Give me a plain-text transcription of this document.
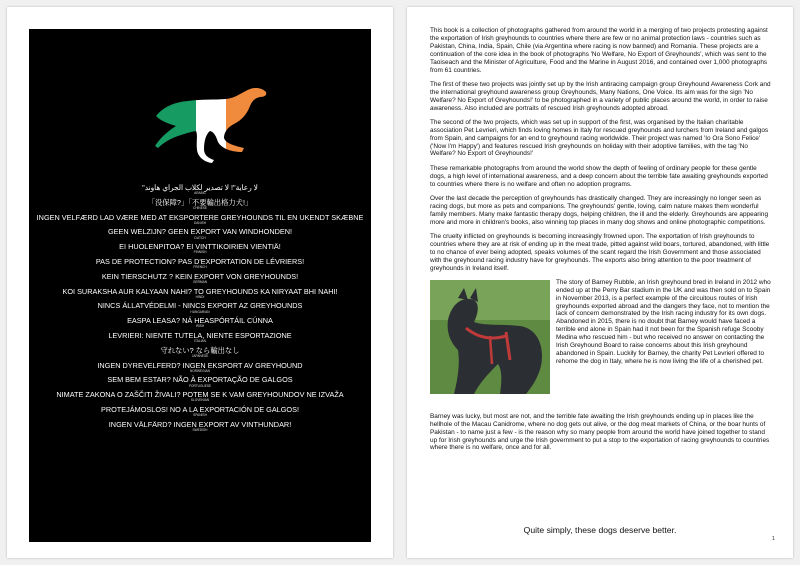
"لا رعاية"! لا تصدير لكلاب الجراي هاوند
ARABIC
「没保障?」「不要輸出格力犬!」
CHINESE
INGEN VELFÆRD LAD VÆRE MED AT EKSPORTERE GREYHOUNDS TIL EN UKENDT SKÆBNE
DANISH
GEEN WELZIJN? GEEN EXPORT VAN WINDHONDEN!
DUTCH
EI HUOLENPITOA? EI VINTTIKOIRIEN VIENTIÄ!
FINNISH
PAS DE PROTECTION? PAS D'EXPORTATION DE LÉVRIERS!
FRENCH
KEIN TIERSCHUTZ ? KEIN EXPORT VON GREYHOUNDS!
GERMAN
KOI SURAKSHA AUR KALYAAN NAHI? TO GREYHOUNDS KA NIRYAAT BHI NAHI!
HINDI
NINCS ÁLLATVÉDELMI - NINCS EXPORT AZ GREYHOUNDS
HUNGARIAN
EASPA LEASA? NÁ HEASPÓRTÁIL CÚNNA
IRISH
LEVRIERI: NIENTE TUTELA, NIENTE ESPORTAZIONE
ITALIAN
守れない? なら輸出なし
JAPANESE
INGEN DYREVELFERD? INGEN EKSPORT AV GREYHOUND
NORWEGIAN
SEM BEM ESTAR? NÃO À EXPORTAÇÃO DE GALGOS
PORTUGUESE
NIMATE ZAKONA O ZAŠČITI ŽIVALI? POTEM SE K VAM GREYHOUNDOV NE IZVAŽA
SLOVENIAN
PROTEJÁMOSLOS! NO A LA EXPORTACIÓN DE GALGOS!
SPANISH
INGEN VÄLFÄRD? INGEN EXPORT AV VINTHUNDAR!
SWEDISH

This book is a collection of photographs gathered from around the world in a merging of two projects protesting against the exportation of Irish greyhounds to countries where there are few or no animal protection laws - countries such as Pakistan, China, India, Spain, Chile (via Argentina where racing is now banned) and Romania. These projects are a continuation of the core idea in the book of photographs 'No Welfare, No Export of Greyhounds', which was sent to the Taoiseach and the Minister of Agriculture, Food and the Marine in August 2016, and contained over 1,000 photographs from 61 countries.

The first of these two projects was jointly set up by the Irish antiracing campaign group Greyhound Awareness Cork and the international greyhound awareness group Greyhounds, Many Nations, One Voice. Its aim was for the sign 'No Welfare? No Export of Greyhounds!' to be photographed in a variety of public places around the world, in order to raise awareness. Also included are portraits of rescued Irish greyhounds adopted abroad.

The second of the two projects, which was set up in support of the first, was organised by the Italian charitable association Pet Levrieri, which finds loving homes in Italy for rescued greyhounds and lurchers from Ireland and galgos from Spain, and campaigns for an end to greyhound racing worldwide. Their project was named 'Io Ora Sono Felice' ('Now I'm Happy') and features rescued Irish greyhounds on holiday with their adoptive families, with the tag 'No Welfare? No Export of Greyhounds!'

These remarkable photographs from around the world show the depth of feeling of ordinary people for these gentle dogs, a high level of international awareness, and a deep concern about the terrible fate awaiting greyhounds exported to countries where there is no welfare and often no adoption programs.

Over the last decade the perception of greyhounds has drastically changed. They are increasingly no longer seen as racing dogs, but more as pets and companions. The greyhounds' gentle, loving, calm nature makes them wonderful family members. Many make fantastic therapy dogs, helping children, the ill and the elderly. Greyhounds are appearing more and more in children's books, also winning top places in many dog shows and online photographic competitions.

The cruelty inflicted on greyhounds is becoming increasingly frowned upon. The exportation of Irish greyhounds to countries where they are at risk of ending up in the meat trade, pitted against wild boars, tortured, abandoned, with little to no chance of ever being adopted, speaks volumes of the scant regard the Irish Government and those associated with the greyhound racing industry have for greyhounds. The exports also bring attention to the poor treatment of greyhounds in Ireland itself.

The story of Barney Rubble, an Irish greyhound bred in Ireland in 2012 who ended up at the Perry Bar stadium in the UK and was then sold on to Spain in November 2013, is a perfect example of the circuitous routes of Irish greyhounds exported abroad and the dangers they face, not to mention the lack of concern demonstrated by the Irish racing industry for its own dogs. Abandoned in 2015, there is no doubt that Barney would have faced a terrible end alone in Spain had it not been for the Spanish refuge Scooby Medina who rescued him - but who received no answer on contacting the Irish Greyhound Board to raise concerns about this Irish greyhound abandoned in Spain. Luckily for Barney, the charity Pet Levrieri offered to rehome the dog in Italy, where he is now living the life of a cherished pet.

Barney was lucky, but most are not, and the terrible fate awaiting the Irish greyhounds ending up in places like the hellhole of the Macau Canidrome, where no dog gets out alive, or the dog meat markets of China, or the boar hunts of Pakistan - to name just a few - is the reason why so many people from around the world have joined together to stand up for Irish greyhounds and urge the Irish government to put a stop to the exportation of racing greyhounds to countries where there is no welfare, once and for all.

Quite simply, these dogs deserve better.
1
